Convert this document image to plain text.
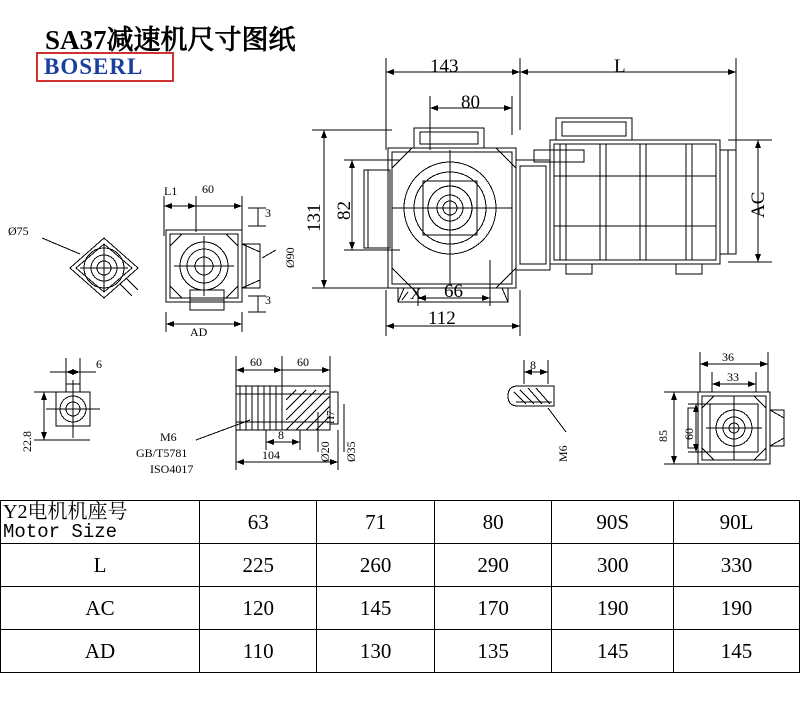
SA37减速机尺寸图纸
BOSERL	143
80
L
131 82	AC
66
112
X
L1 60
3
3
Ø90
AD
Ø75
6
22.8
60	60
M6
GB/T5781
ISO4017
8
104	Ø20
H7
Ø35
8
M6
36
33
85 60
Y2电机机座号
Motor Size	63	71	80	90S	90L
L	225	260	290	300	330
AC	120	145	170	190	190
AD	110	130	135	145	145
